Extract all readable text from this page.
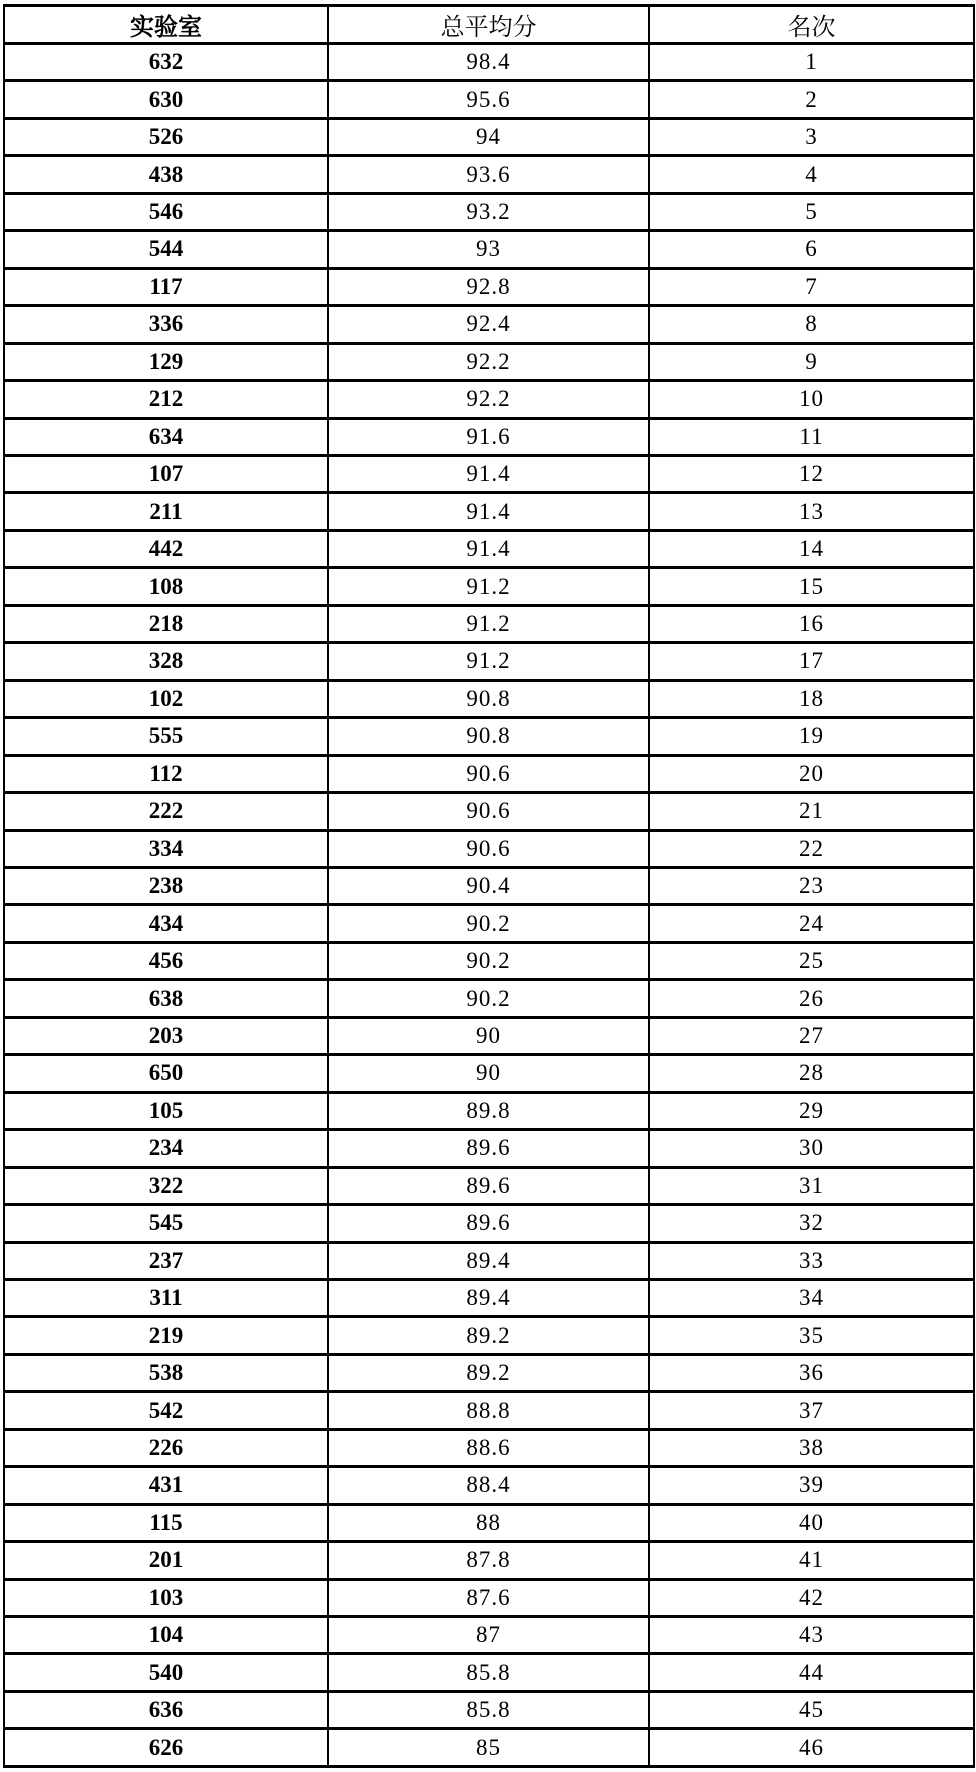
实验室	总平均分	名次
632	98.4	1
630	95.6	2
526	94	3
438	93.6	4
546	93.2	5
544	93	6
117	92.8	7
336	92.4	8
129	92.2	9
212	92.2	10
634	91.6	11
107	91.4	12
211	91.4	13
442	91.4	14
108	91.2	15
218	91.2	16
328	91.2	17
102	90.8	18
555	90.8	19
112	90.6	20
222	90.6	21
334	90.6	22
238	90.4	23
434	90.2	24
456	90.2	25
638	90.2	26
203	90	27
650	90	28
105	89.8	29
234	89.6	30
322	89.6	31
545	89.6	32
237	89.4	33
311	89.4	34
219	89.2	35
538	89.2	36
542	88.8	37
226	88.6	38
431	88.4	39
115	88	40
201	87.8	41
103	87.6	42
104	87	43
540	85.8	44
636	85.8	45
626	85	46
